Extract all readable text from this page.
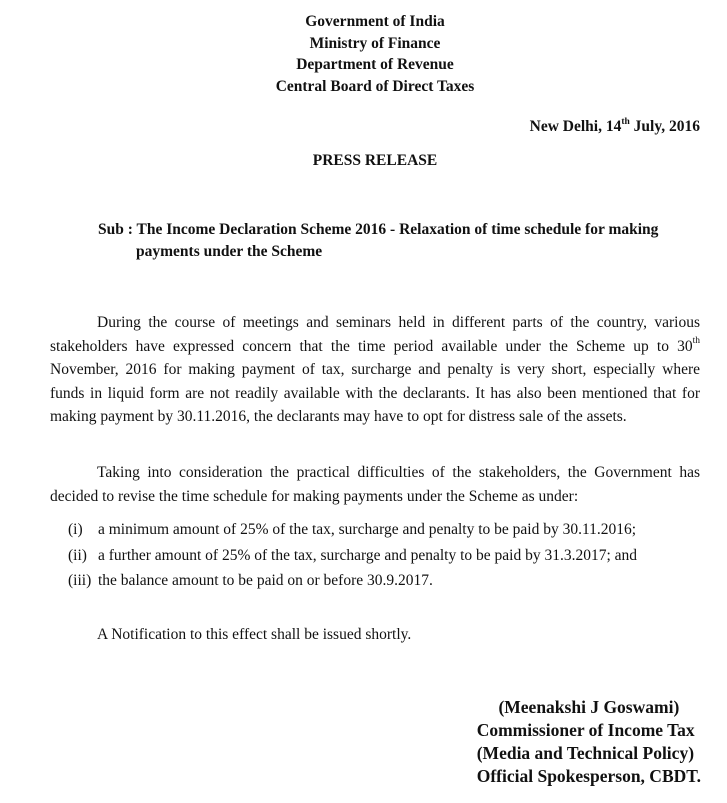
Government of India
Ministry of Finance
Department of Revenue
Central Board of Direct Taxes
New Delhi, 14th July, 2016
PRESS RELEASE
Sub : The Income Declaration Scheme 2016 - Relaxation of time schedule for making
payments under the Scheme
During the course of meetings and seminars held in different parts of the country, various
stakeholders have expressed concern that the time period available under the Scheme up to 30th
November, 2016 for making payment of tax, surcharge and penalty is very short, especially where
funds in liquid form are not readily available with the declarants. It has also been mentioned that for
making payment by 30.11.2016, the declarants may have to opt for distress sale of the assets.
Taking into consideration the practical difficulties of the stakeholders, the Government has
decided to revise the time schedule for making payments under the Scheme as under:
(i) a minimum amount of 25% of the tax, surcharge and penalty to be paid by 30.11.2016;
(ii) a further amount of 25% of the tax, surcharge and penalty to be paid by 31.3.2017; and
(iii) the balance amount to be paid on or before 30.9.2017.
A Notification to this effect shall be issued shortly.
(Meenakshi J Goswami)
Commissioner of Income Tax
(Media and Technical Policy)
Official Spokesperson, CBDT.
